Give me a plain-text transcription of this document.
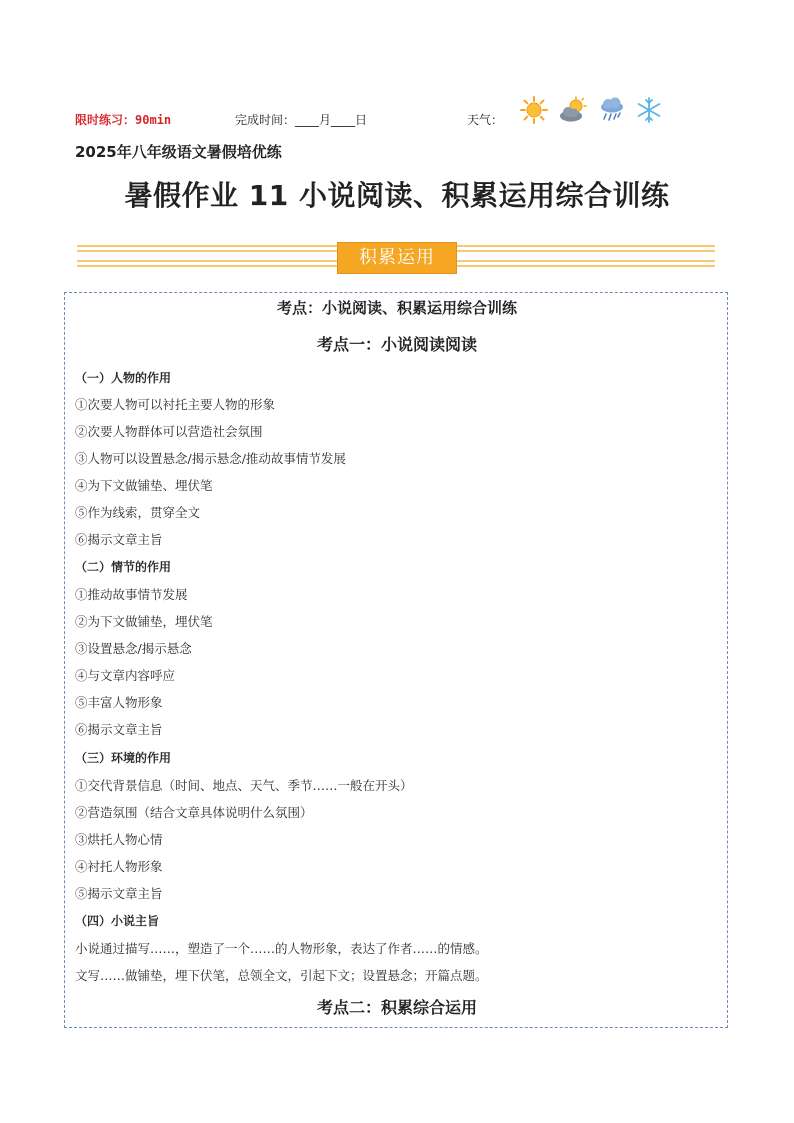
限时练习：90min	完成时间：____月____日	天气：
2025年八年级语文暑假培优练
暑假作业 11 小说阅读、积累运用综合训练
积累运用
考点：小说阅读、积累运用综合训练
考点一：小说阅读阅读
（一）人物的作用
①次要人物可以衬托主要人物的形象
②次要人物群体可以营造社会氛围
③人物可以设置悬念/揭示悬念/推动故事情节发展
④为下文做铺垫、埋伏笔
⑤作为线索，贯穿全文
⑥揭示文章主旨
（二）情节的作用
①推动故事情节发展
②为下文做铺垫，埋伏笔
③设置悬念/揭示悬念
④与文章内容呼应
⑤丰富人物形象
⑥揭示文章主旨
（三）环境的作用
①交代背景信息（时间、地点、天气、季节……一般在开头）
②营造氛围（结合文章具体说明什么氛围）
③烘托人物心情
④衬托人物形象
⑤揭示文章主旨
（四）小说主旨
小说通过描写……，塑造了一个……的人物形象，表达了作者……的情感。
文写……做铺垫，埋下伏笔，总领全文，引起下文；设置悬念；开篇点题。
考点二：积累综合运用
